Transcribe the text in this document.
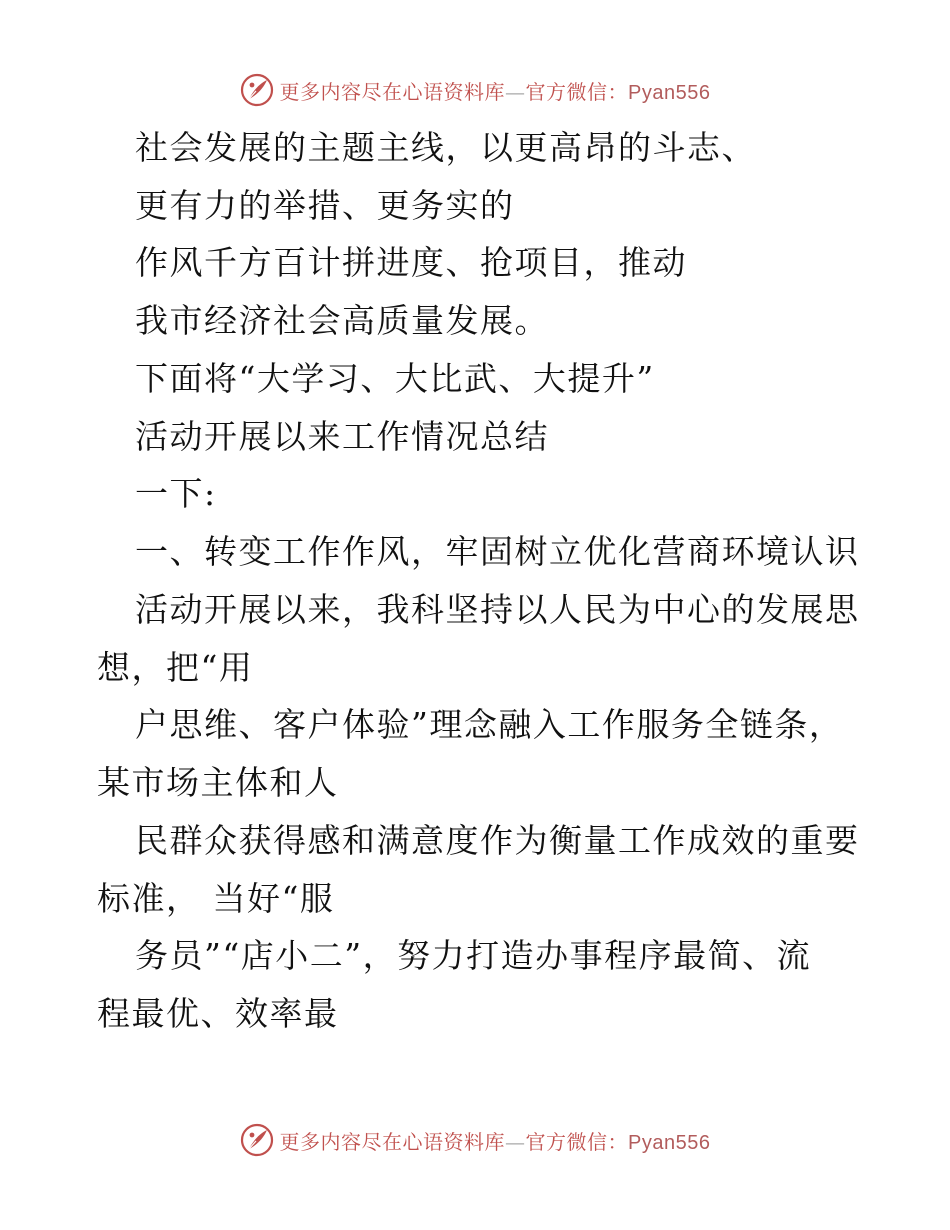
更多内容尽在心语资料库—官方微信：Pyan556
社会发展的主题主线，以更高昂的斗志、
更有力的举措、更务实的
作风千方百计拼进度、抢项目，推动
我市经济社会高质量发展。
下面将“大学习、大比武、大提升”
活动开展以来工作情况总结
一下:
一、转变工作作风，牢固树立优化营商环境认识
活动开展以来，我科坚持以人民为中心的发展思
想，把“用
户思维、客户体验”理念融入工作服务全链条，
某市场主体和人
民群众获得感和满意度作为衡量工作成效的重要
标准， 当好“服
务员”“店小二”，努力打造办事程序最简、流
程最优、效率最
更多内容尽在心语资料库—官方微信：Pyan556
